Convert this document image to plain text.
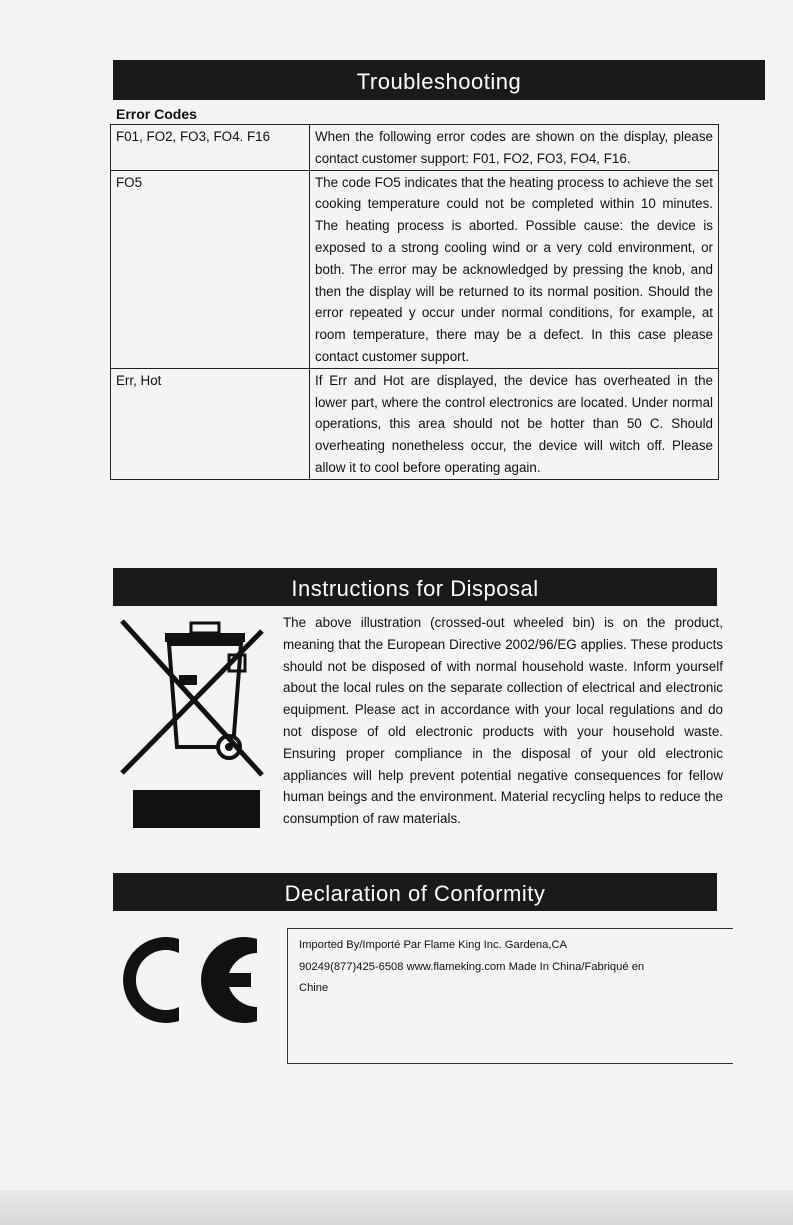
Troubleshooting
Error Codes
F01, FO2, FO3, FO4. F16	When the following error codes are shown on the display, please contact customer support: F01, FO2, FO3, FO4, F16.
FO5	The code FO5 indicates that the heating process to achieve the set cooking temperature could not be completed within 10 minutes. The heating process is aborted. Possible cause: the device is exposed to a strong cooling wind or a very cold environment, or both. The error may be acknowledged by pressing the knob, and then the display will be returned to its normal position. Should the error repeated y occur under normal conditions, for example, at room temperature, there may be a defect. In this case please contact customer support.
Err, Hot	If Err and Hot are displayed, the device has overheated in the lower part, where the control electronics are located. Under normal operations, this area should not be hotter than 50 C. Should overheating nonetheless occur, the device will witch off. Please allow it to cool before operating again.
Instructions for Disposal
The above illustration (crossed-out wheeled bin) is on the product, meaning that the European Directive 2002/96/EG applies. These products should not be disposed of with normal household waste. Inform yourself about the local rules on the separate collection of electrical and electronic equipment. Please act in accordance with your local regulations and do not dispose of old electronic products with your household waste. Ensuring proper compliance in the disposal of your old electronic appliances will help prevent potential negative consequences for fellow human beings and the environment. Material recycling helps to reduce the consumption of raw materials.
Declaration of Conformity
Imported By/Importé Par Flame King Inc. Gardena,CA
90249(877)425-6508 www.flameking.com Made In China/Fabriqué en
Chine
